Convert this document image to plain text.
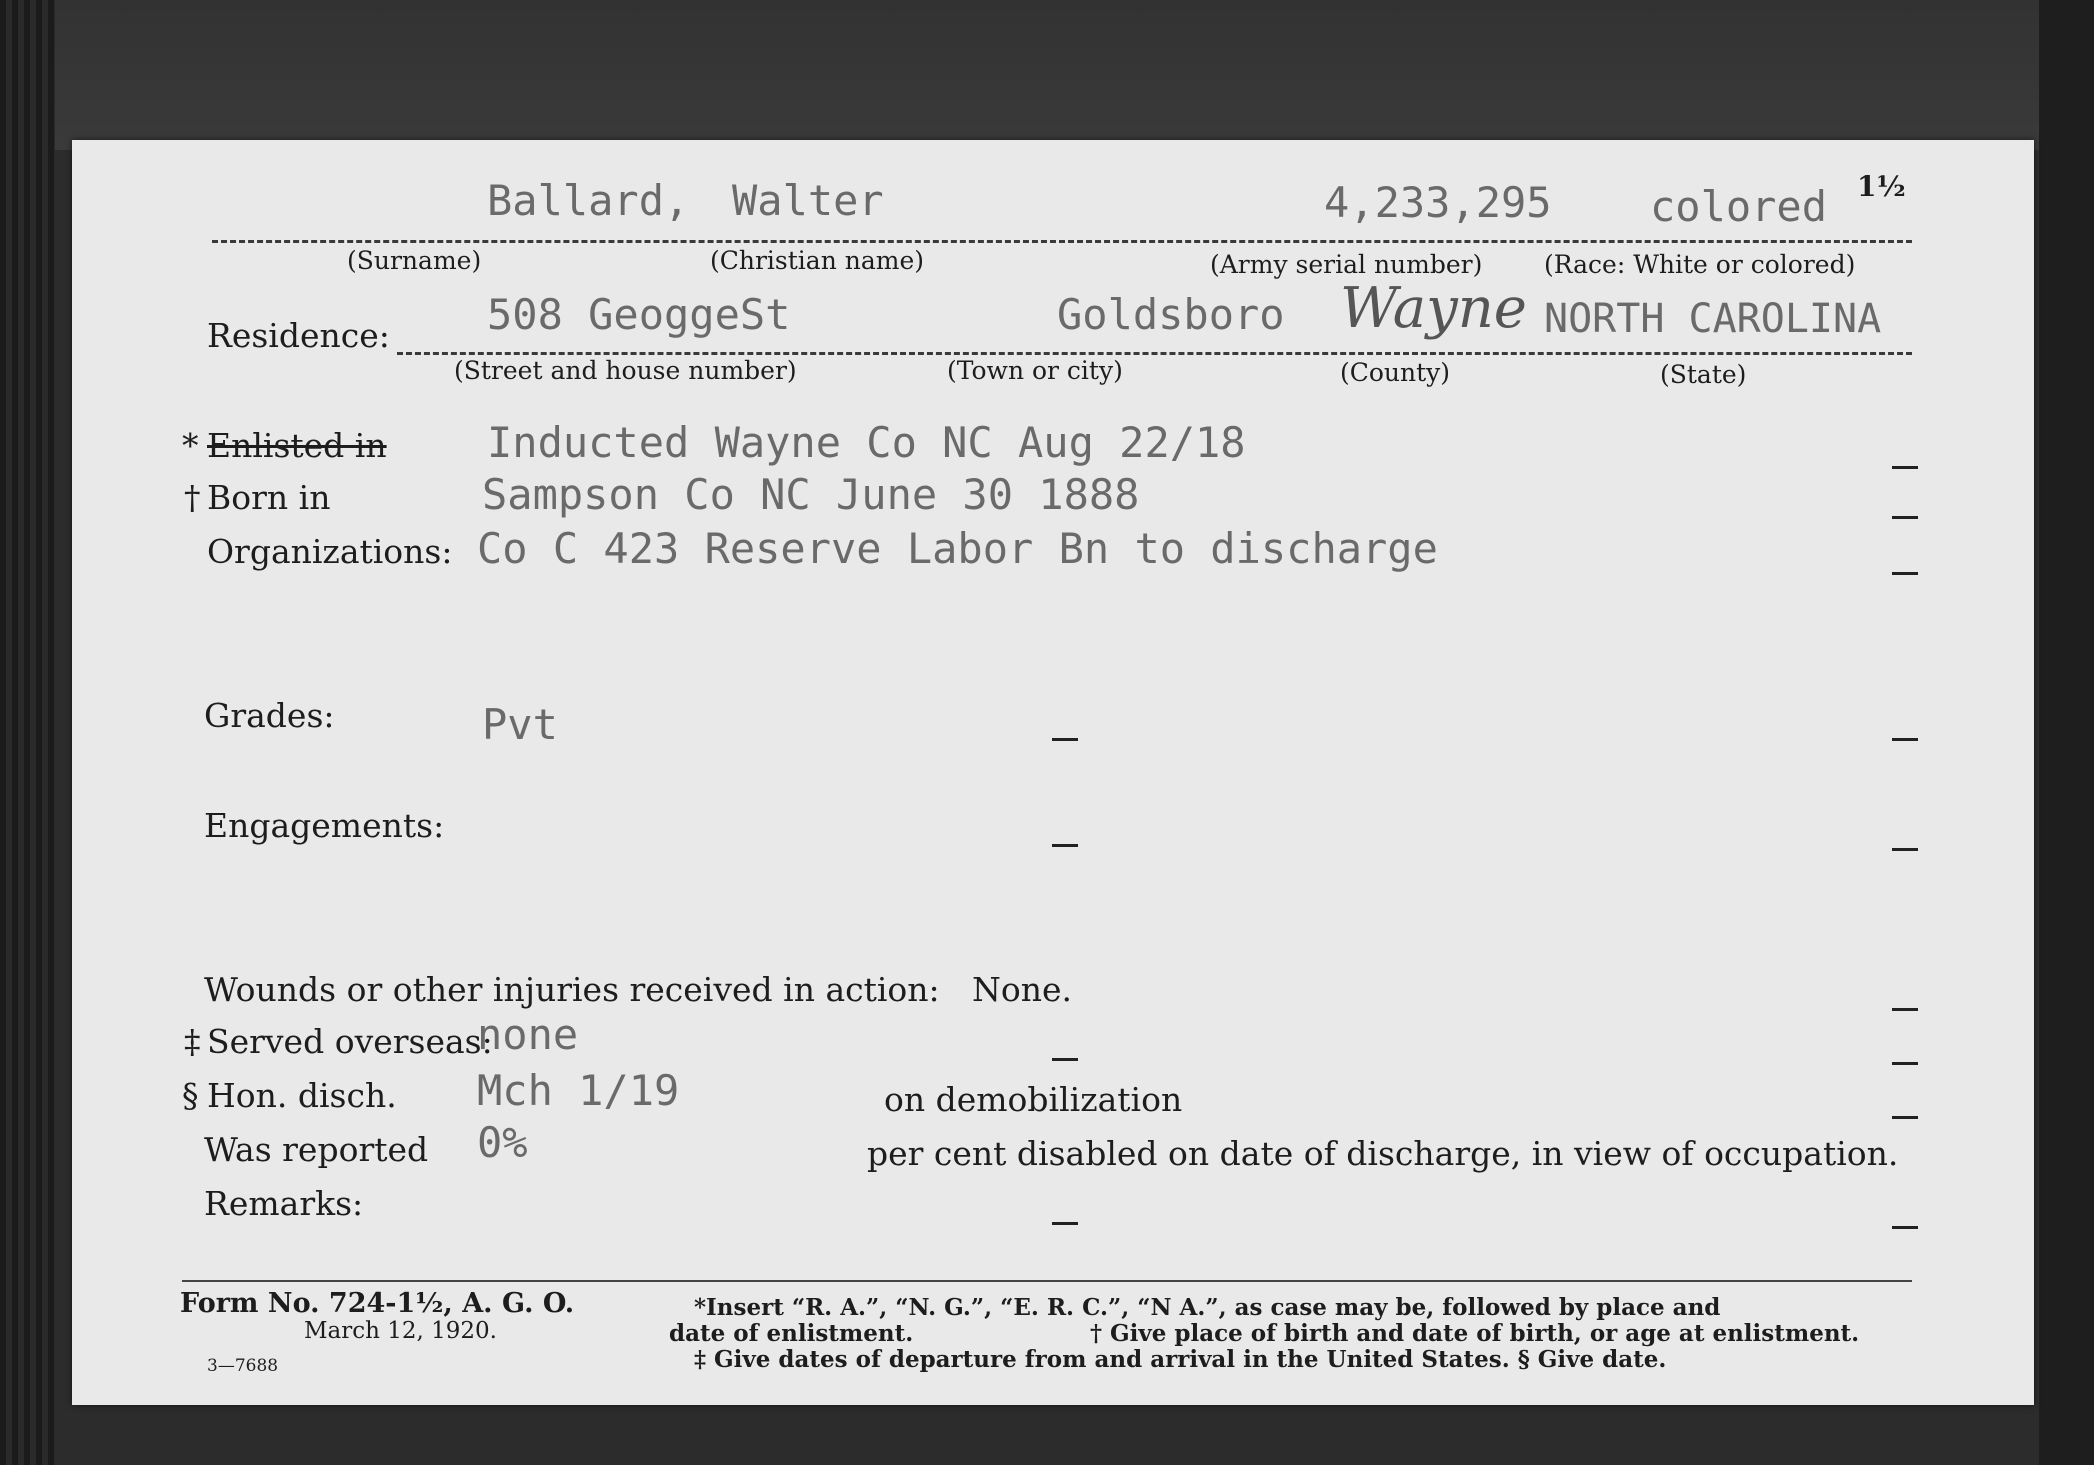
Ballard, Walter	4,233,295 colored 1½
(Surname)	(Christian name)	(Army serial number) (Race: White or colored)
Residence: 508 GeoggeSt	Goldsboro Wayne NORTH CAROLINA
(Street and house number)	(Town or city)	(County)	(State)
* Enlisted in Inducted Wayne Co NC Aug 22/18
† Born in	Sampson Co NC June 30 1888
Organizations: Co C 423 Reserve Labor Bn to discharge
Grades:	Pvt
Engagements:
Wounds or other injuries received in action: None.
‡ Served overseas:
none
§ Hon. disch. Mch 1/19	on demobilization
Was reported 0%	per cent disabled on date of discharge, in view of occupation.
Remarks:
Form No. 724-1½, A. G. O.
March 12, 1920.
3—7688
*Insert “R. A.”, “N. G.”, “E. R. C.”, “N A.”, as case may be, followed by place and
date of enlistment.	† Give place of birth and date of birth, or age at enlistment.
‡ Give dates of departure from and arrival in the United States. § Give date.
